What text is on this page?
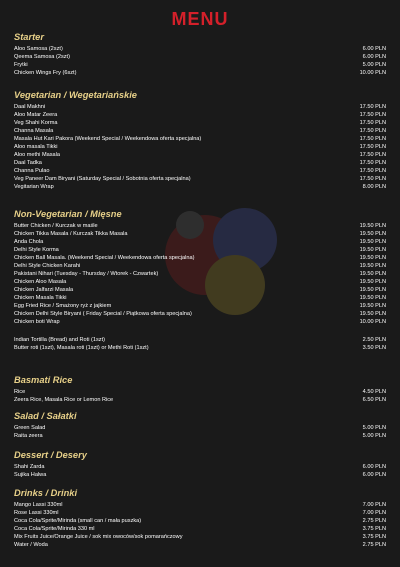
MENU
Starter
Aloo Samosa (2szt)	6.00 PLN
Qeema Samosa (2szt)	6.00 PLN
Frytki	5.00 PLN
Chicken Wings Fry (6szt)	10.00 PLN
Vegetarian / Wegetariańskie
Daal Makhni	17.50 PLN
Aloo Matar Zeera	17.50 PLN
Veg Shahi Korma	17.50 PLN
Channa Masala	17.50 PLN
Masala Hut Kari Pakora (Weekend Special / Weekendowa oferta specjalna)	17.50 PLN
Aloo masala Tikki	17.50 PLN
Aloo methi Masala	17.50 PLN
Daal Tadka	17.50 PLN
Channa Pulao	17.50 PLN
Veg Paneer Dam Biryani (Saturday Special / Sobotnia oferta specjalna)	17.50 PLN
Vegitarian Wrap	8.00 PLN
Non-Vegetarian / Mięsne
Butter Chicken / Kurczak w maśle	19.50 PLN
Chicken Tikka Masala / Kurczak Tikka Masala	19.50 PLN
Anda Chola	19.50 PLN
Delhi Style Korma	19.50 PLN
Chicken Ball Masala. (Weekend Special / Weekendowa oferta specjalna)	19.50 PLN
Delhi Style Chicken Karahi	19.50 PLN
Pakistani Nihari (Tuesday - Thursday / Wtorek - Czwartek)	19.50 PLN
Chicken Aloo Masala	19.50 PLN
Chicken Jalfarzi Masala	19.50 PLN
Chicken Masala Tikki	19.50 PLN
Egg Fried Rice / Smażony ryż z jajkiem	19.50 PLN
Chicken Delhi Style Biryani ( Friday Special / Piątkowa oferta specjalna)	19.50 PLN
Chicken boti Wrap	10.00 PLN
Indian Tortilla (Bread) and Roti (1szt)	2.50 PLN
Butter roti (1szt), Masala roti (1szt) or Methi Roti (1szt)	3.50 PLN
Basmati Rice
Rice	4.50 PLN
Zeera Rice, Masala Rice or Lemon Rice	6.50 PLN
Salad / Sałatki
Green Salad	5.00 PLN
Raita zeera	5.00 PLN
Dessert / Desery
Shahi Zarda	6.00 PLN
Sujika Halwa	6.00 PLN
Drinks / Drinki
Mango Lassi 330ml	7.00 PLN
Rose Lassi 330ml	7.00 PLN
Coca Cola/Sprite/Mirinda (small can / mała puszka)	2.75 PLN
Coca Cola/Sprite/Mirinda 330 ml	3.75 PLN
Mix Fruits Juice/Orange Juice / sok mix owoców/sok pomarańczowy	3.75 PLN
Water / Woda	2.75 PLN
